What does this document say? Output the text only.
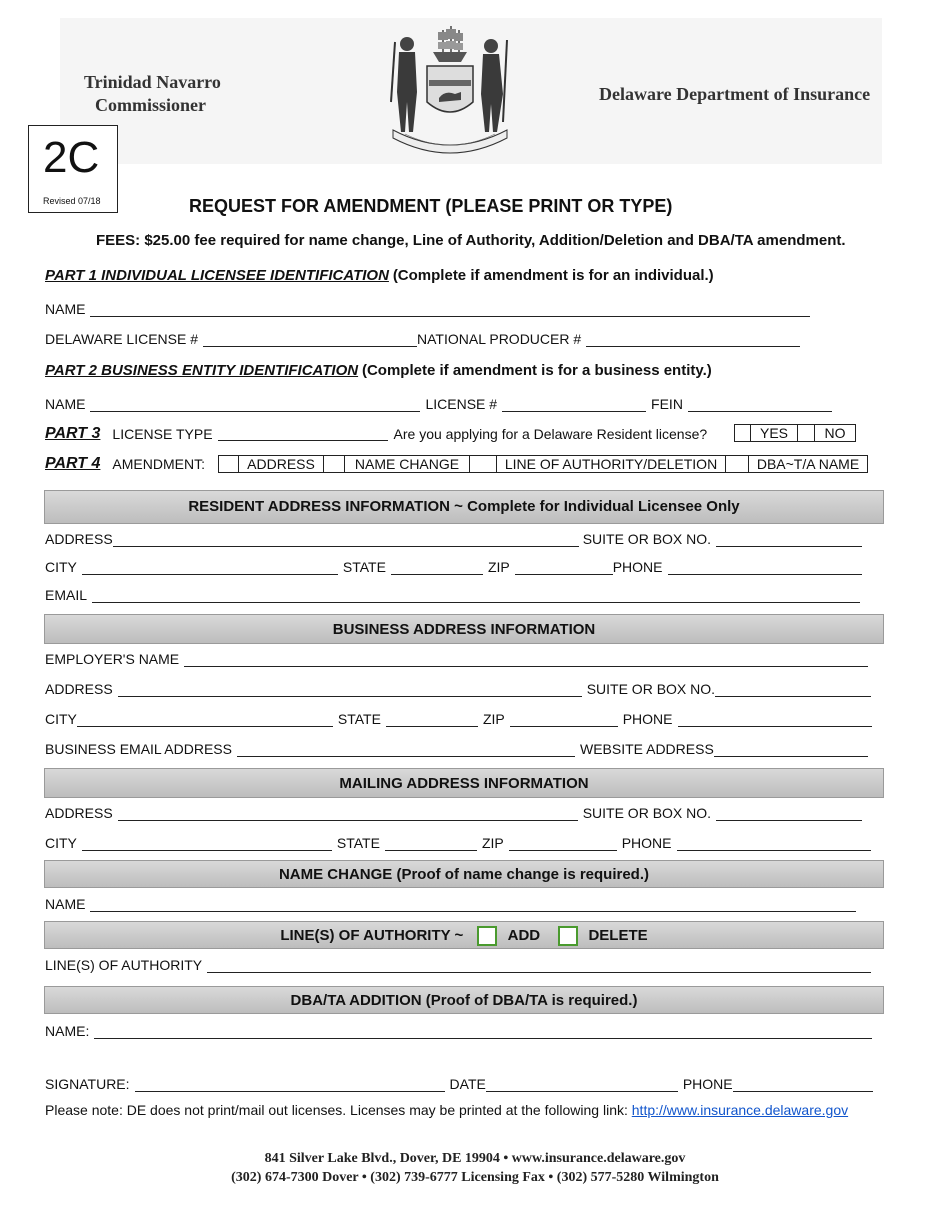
Trinidad Navarro
Commissioner
Delaware Department of Insurance
2C
Revised 07/18	REQUEST FOR AMENDMENT (PLEASE PRINT OR TYPE)
FEES: $25.00 fee required for name change, Line of Authority, Addition/Deletion and DBA/TA amendment.
PART 1 INDIVIDUAL LICENSEE IDENTIFICATION (Complete if amendment is for an individual.)
NAME
DELAWARE LICENSE #	NATIONAL PRODUCER #
PART 2 BUSINESS ENTITY IDENTIFICATION (Complete if amendment is for a business entity.)
NAME	LICENSE #	FEIN
PART 3 LICENSE TYPE	Are you applying for a Delaware Resident license?	YES	NO
PART 4 AMENDMENT:	ADDRESS	NAME CHANGE	LINE OF AUTHORITY/DELETION	DBA~T/A NAME
RESIDENT ADDRESS INFORMATION ~ Complete for Individual Licensee Only
ADDRESS	SUITE OR BOX NO.
CITY	STATE	ZIP	PHONE
EMAIL
BUSINESS ADDRESS INFORMATION
EMPLOYER'S NAME
ADDRESS	SUITE OR BOX NO.
CITY	STATE	ZIP	PHONE
BUSINESS EMAIL ADDRESS	WEBSITE ADDRESS
MAILING ADDRESS INFORMATION
ADDRESS	SUITE OR BOX NO.
CITY	STATE	ZIP	PHONE
NAME CHANGE (Proof of name change is required.)
NAME
LINE(S) OF AUTHORITY ~	ADD	DELETE
LINE(S) OF AUTHORITY
DBA/TA ADDITION (Proof of DBA/TA is required.)
NAME:
SIGNATURE:	DATE	PHONE
Please note: DE does not print/mail out licenses. Licenses may be printed at the following link: http://www.insurance.delaware.gov
841 Silver Lake Blvd., Dover, DE 19904 • www.insurance.delaware.gov
(302) 674-7300 Dover • (302) 739-6777 Licensing Fax • (302) 577-5280 Wilmington
